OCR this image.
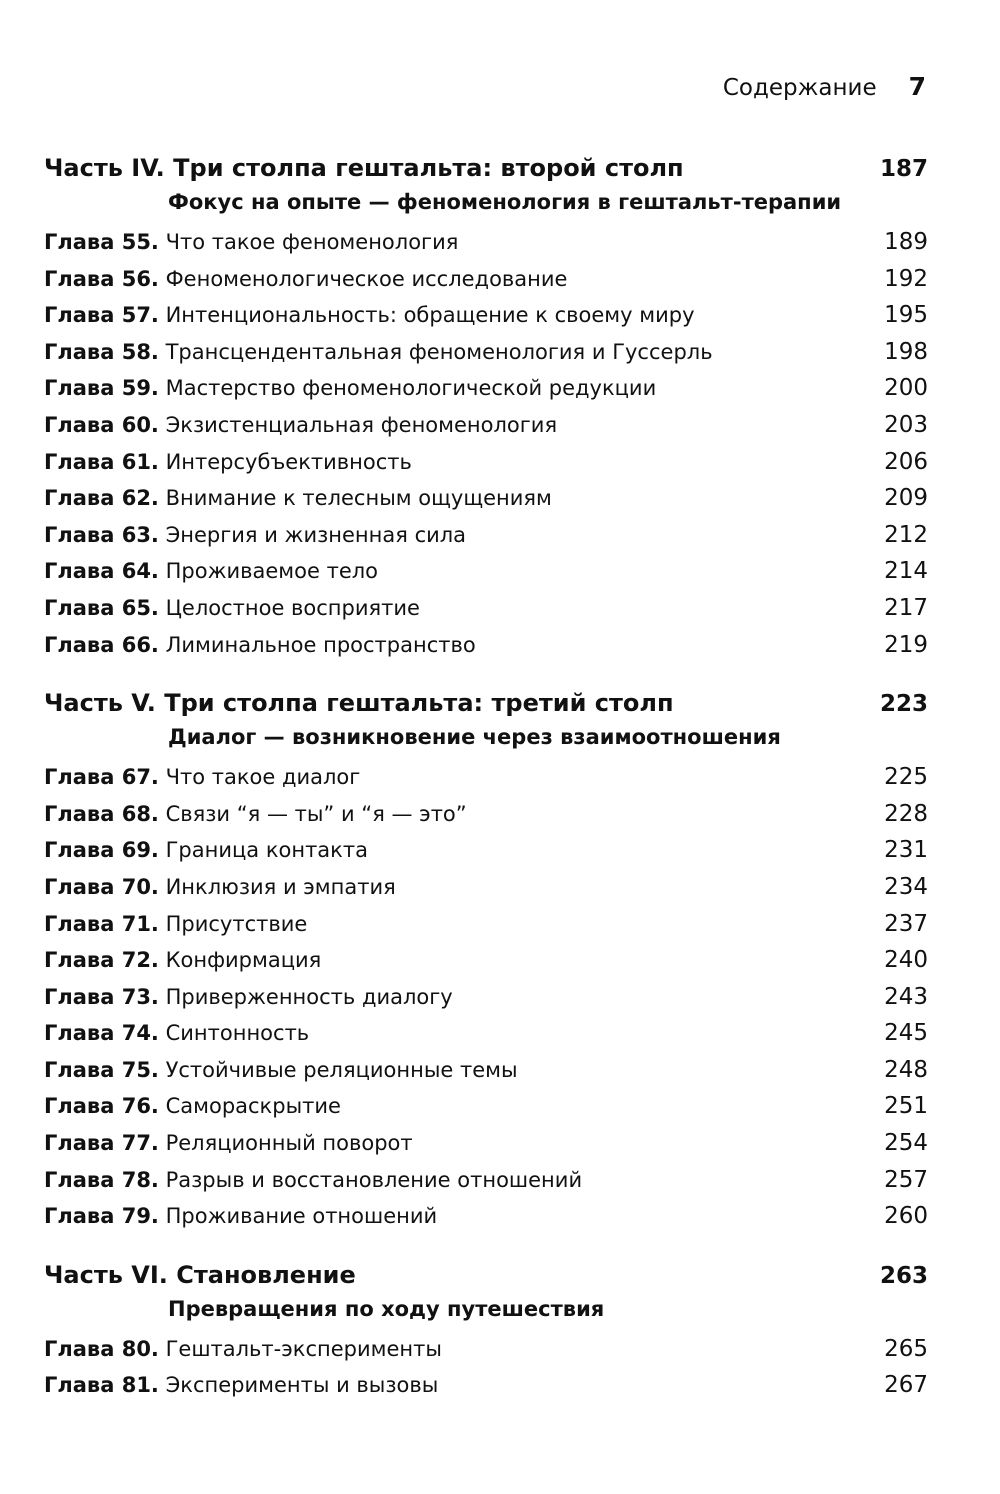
Содержание 7
Часть IV. Три столпа гештальта: второй столп	187
Фокус на опыте — феноменология в гештальт-терапии
Глава 55. Что такое феноменология	189
Глава 56. Феноменологическое исследование	192
Глава 57. Интенциональность: обращение к своему миру	195
Глава 58. Трансцендентальная феноменология и Гуссерль	198
Глава 59. Мастерство феноменологической редукции	200
Глава 60. Экзистенциальная феноменология	203
Глава 61. Интерсубъективность	206
Глава 62. Внимание к телесным ощущениям	209
Глава 63. Энергия и жизненная сила	212
Глава 64. Проживаемое тело	214
Глава 65. Целостное восприятие	217
Глава 66. Лиминальное пространство	219
Часть V. Три столпа гештальта: третий столп	223
Диалог — возникновение через взаимоотношения
Глава 67. Что такое диалог	225
Глава 68. Связи “я — ты” и “я — это”	228
Глава 69. Граница контакта	231
Глава 70. Инклюзия и эмпатия	234
Глава 71. Присутствие	237
Глава 72. Конфирмация	240
Глава 73. Приверженность диалогу	243
Глава 74. Синтонность	245
Глава 75. Устойчивые реляционные темы	248
Глава 76. Самораскрытие	251
Глава 77. Реляционный поворот	254
Глава 78. Разрыв и восстановление отношений	257
Глава 79. Проживание отношений	260
Часть VI. Становление	263
Превращения по ходу путешествия
Глава 80. Гештальт-эксперименты	265
Глава 81. Эксперименты и вызовы	267
